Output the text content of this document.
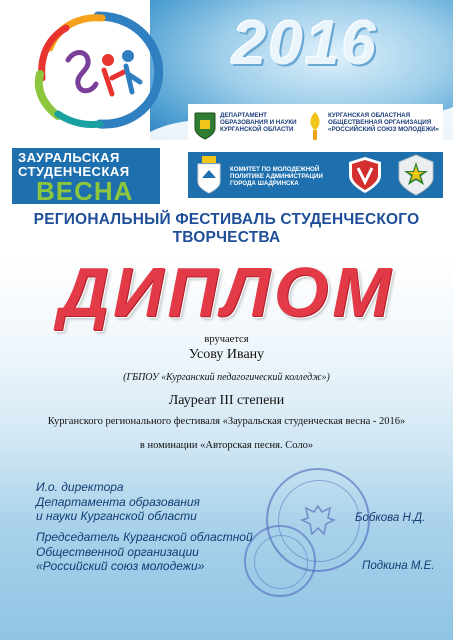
2016
ЗАУРАЛЬСКАЯ
СТУДЕНЧЕСКАЯ
ВЕСНА
ДЕПАРТАМЕНТ ОБРАЗОВАНИЯ И НАУКИ КУРГАНСКОЙ ОБЛАСТИ
КУРГАНСКАЯ ОБЛАСТНАЯ ОБЩЕСТВЕННАЯ ОРГАНИЗАЦИЯ «РОССИЙСКИЙ СОЮЗ МОЛОДЕЖИ»
КОМИТЕТ ПО МОЛОДЕЖНОЙ ПОЛИТИКЕ АДМИНИСТРАЦИИ ГОРОДА ШАДРИНСКА
РЕГИОНАЛЬНЫЙ ФЕСТИВАЛЬ СТУДЕНЧЕСКОГО ТВОРЧЕСТВА
ДИПЛОМ
вручается
Усову Ивану
(ГБПОУ «Курганский педагогический колледж»)
Лауреат III степени
Курганского регионального фестиваля «Зауральская студенческая весна - 2016»
в номинации «Авторская песня. Соло»
И.о. директора
Департамента образования
и науки Курганской области	Бобкова Н.Д.
Председатель Курганской областной
Общественной организации
«Российский союз молодежи»	Подкина М.Е.
